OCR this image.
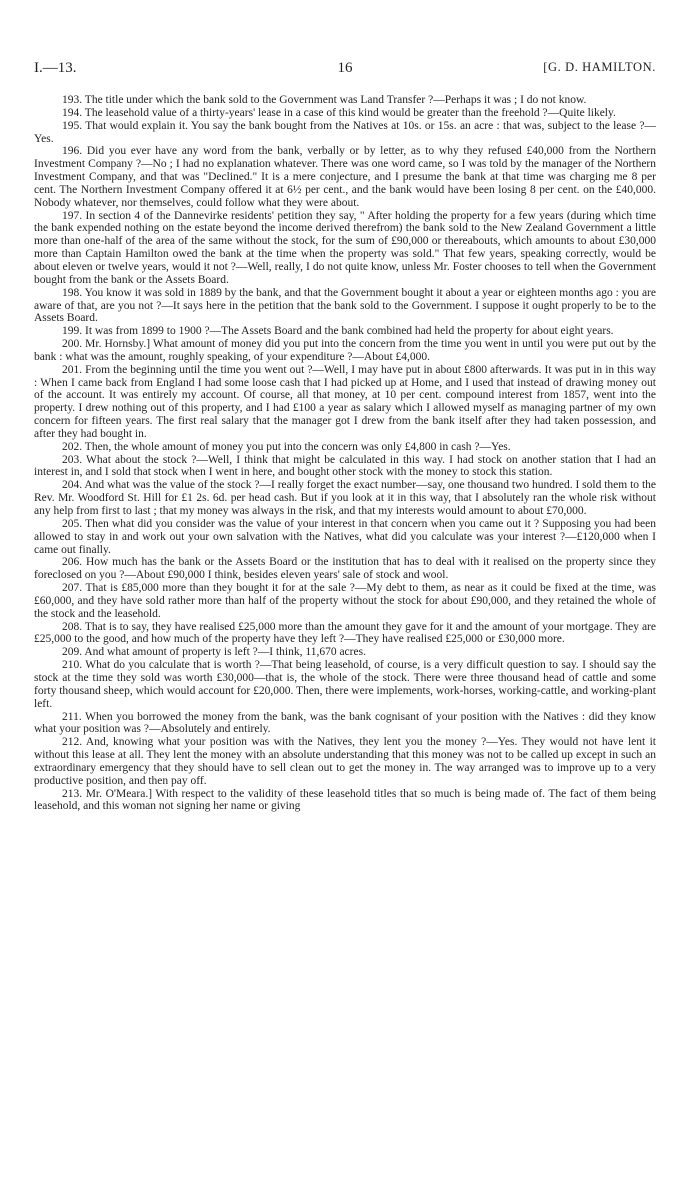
I.—13.	16	[G. D. HAMILTON.

193. The title under which the bank sold to the Government was Land Transfer ?—Perhaps it was ; I do not know.

194. The leasehold value of a thirty-years' lease in a case of this kind would be greater than the freehold ?—Quite likely.

195. That would explain it. You say the bank bought from the Natives at 10s. or 15s. an acre : that was, subject to the lease ?—Yes.

196. Did you ever have any word from the bank, verbally or by letter, as to why they refused £40,000 from the Northern Investment Company ?—No ; I had no explanation whatever. There was one word came, so I was told by the manager of the Northern Investment Company, and that was "Declined." It is a mere conjecture, and I presume the bank at that time was charging me 8 per cent. The Northern Investment Company offered it at 6½ per cent., and the bank would have been losing 8 per cent. on the £40,000. Nobody whatever, nor themselves, could follow what they were about.

197. In section 4 of the Dannevirke residents' petition they say, " After holding the property for a few years (during which time the bank expended nothing on the estate beyond the income derived therefrom) the bank sold to the New Zealand Government a little more than one-half of the area of the same without the stock, for the sum of £90,000 or thereabouts, which amounts to about £30,000 more than Captain Hamilton owed the bank at the time when the property was sold." That few years, speaking correctly, would be about eleven or twelve years, would it not ?—Well, really, I do not quite know, unless Mr. Foster chooses to tell when the Government bought from the bank or the Assets Board.

198. You know it was sold in 1889 by the bank, and that the Government bought it about a year or eighteen months ago : you are aware of that, are you not ?—It says here in the petition that the bank sold to the Government. I suppose it ought properly to be to the Assets Board.

199. It was from 1899 to 1900 ?—The Assets Board and the bank combined had held the property for about eight years.

200. Mr. Hornsby.] What amount of money did you put into the concern from the time you went in until you were put out by the bank : what was the amount, roughly speaking, of your expenditure ?—About £4,000.

201. From the beginning until the time you went out ?—Well, I may have put in about £800 afterwards. It was put in in this way : When I came back from England I had some loose cash that I had picked up at Home, and I used that instead of drawing money out of the account. It was entirely my account. Of course, all that money, at 10 per cent. compound interest from 1857, went into the property. I drew nothing out of this property, and I had £100 a year as salary which I allowed myself as managing partner of my own concern for fifteen years. The first real salary that the manager got I drew from the bank itself after they had taken possession, and after they had bought in.

202. Then, the whole amount of money you put into the concern was only £4,800 in cash ?—Yes.

203. What about the stock ?—Well, I think that might be calculated in this way. I had stock on another station that I had an interest in, and I sold that stock when I went in here, and bought other stock with the money to stock this station.

204. And what was the value of the stock ?—I really forget the exact number—say, one thousand two hundred. I sold them to the Rev. Mr. Woodford St. Hill for £1 2s. 6d. per head cash. But if you look at it in this way, that I absolutely ran the whole risk without any help from first to last ; that my money was always in the risk, and that my interests would amount to about £70,000.

205. Then what did you consider was the value of your interest in that concern when you came out it ? Supposing you had been allowed to stay in and work out your own salvation with the Natives, what did you calculate was your interest ?—£120,000 when I came out finally.

206. How much has the bank or the Assets Board or the institution that has to deal with it realised on the property since they foreclosed on you ?—About £90,000 I think, besides eleven years' sale of stock and wool.

207. That is £85,000 more than they bought it for at the sale ?—My debt to them, as near as it could be fixed at the time, was £60,000, and they have sold rather more than half of the property without the stock for about £90,000, and they retained the whole of the stock and the leasehold.

208. That is to say, they have realised £25,000 more than the amount they gave for it and the amount of your mortgage. They are £25,000 to the good, and how much of the property have they left ?—They have realised £25,000 or £30,000 more.

209. And what amount of property is left ?—I think, 11,670 acres.

210. What do you calculate that is worth ?—That being leasehold, of course, is a very difficult question to say. I should say the stock at the time they sold was worth £30,000—that is, the whole of the stock. There were three thousand head of cattle and some forty thousand sheep, which would account for £20,000. Then, there were implements, work-horses, working-cattle, and working-plant left.

211. When you borrowed the money from the bank, was the bank cognisant of your position with the Natives : did they know what your position was ?—Absolutely and entirely.

212. And, knowing what your position was with the Natives, they lent you the money ?—Yes. They would not have lent it without this lease at all. They lent the money with an absolute understanding that this money was not to be called up except in such an extraordinary emergency that they should have to sell clean out to get the money in. The way arranged was to improve up to a very productive position, and then pay off.

213. Mr. O'Meara.] With respect to the validity of these leasehold titles that so much is being made of. The fact of them being leasehold, and this woman not signing her name or giving
